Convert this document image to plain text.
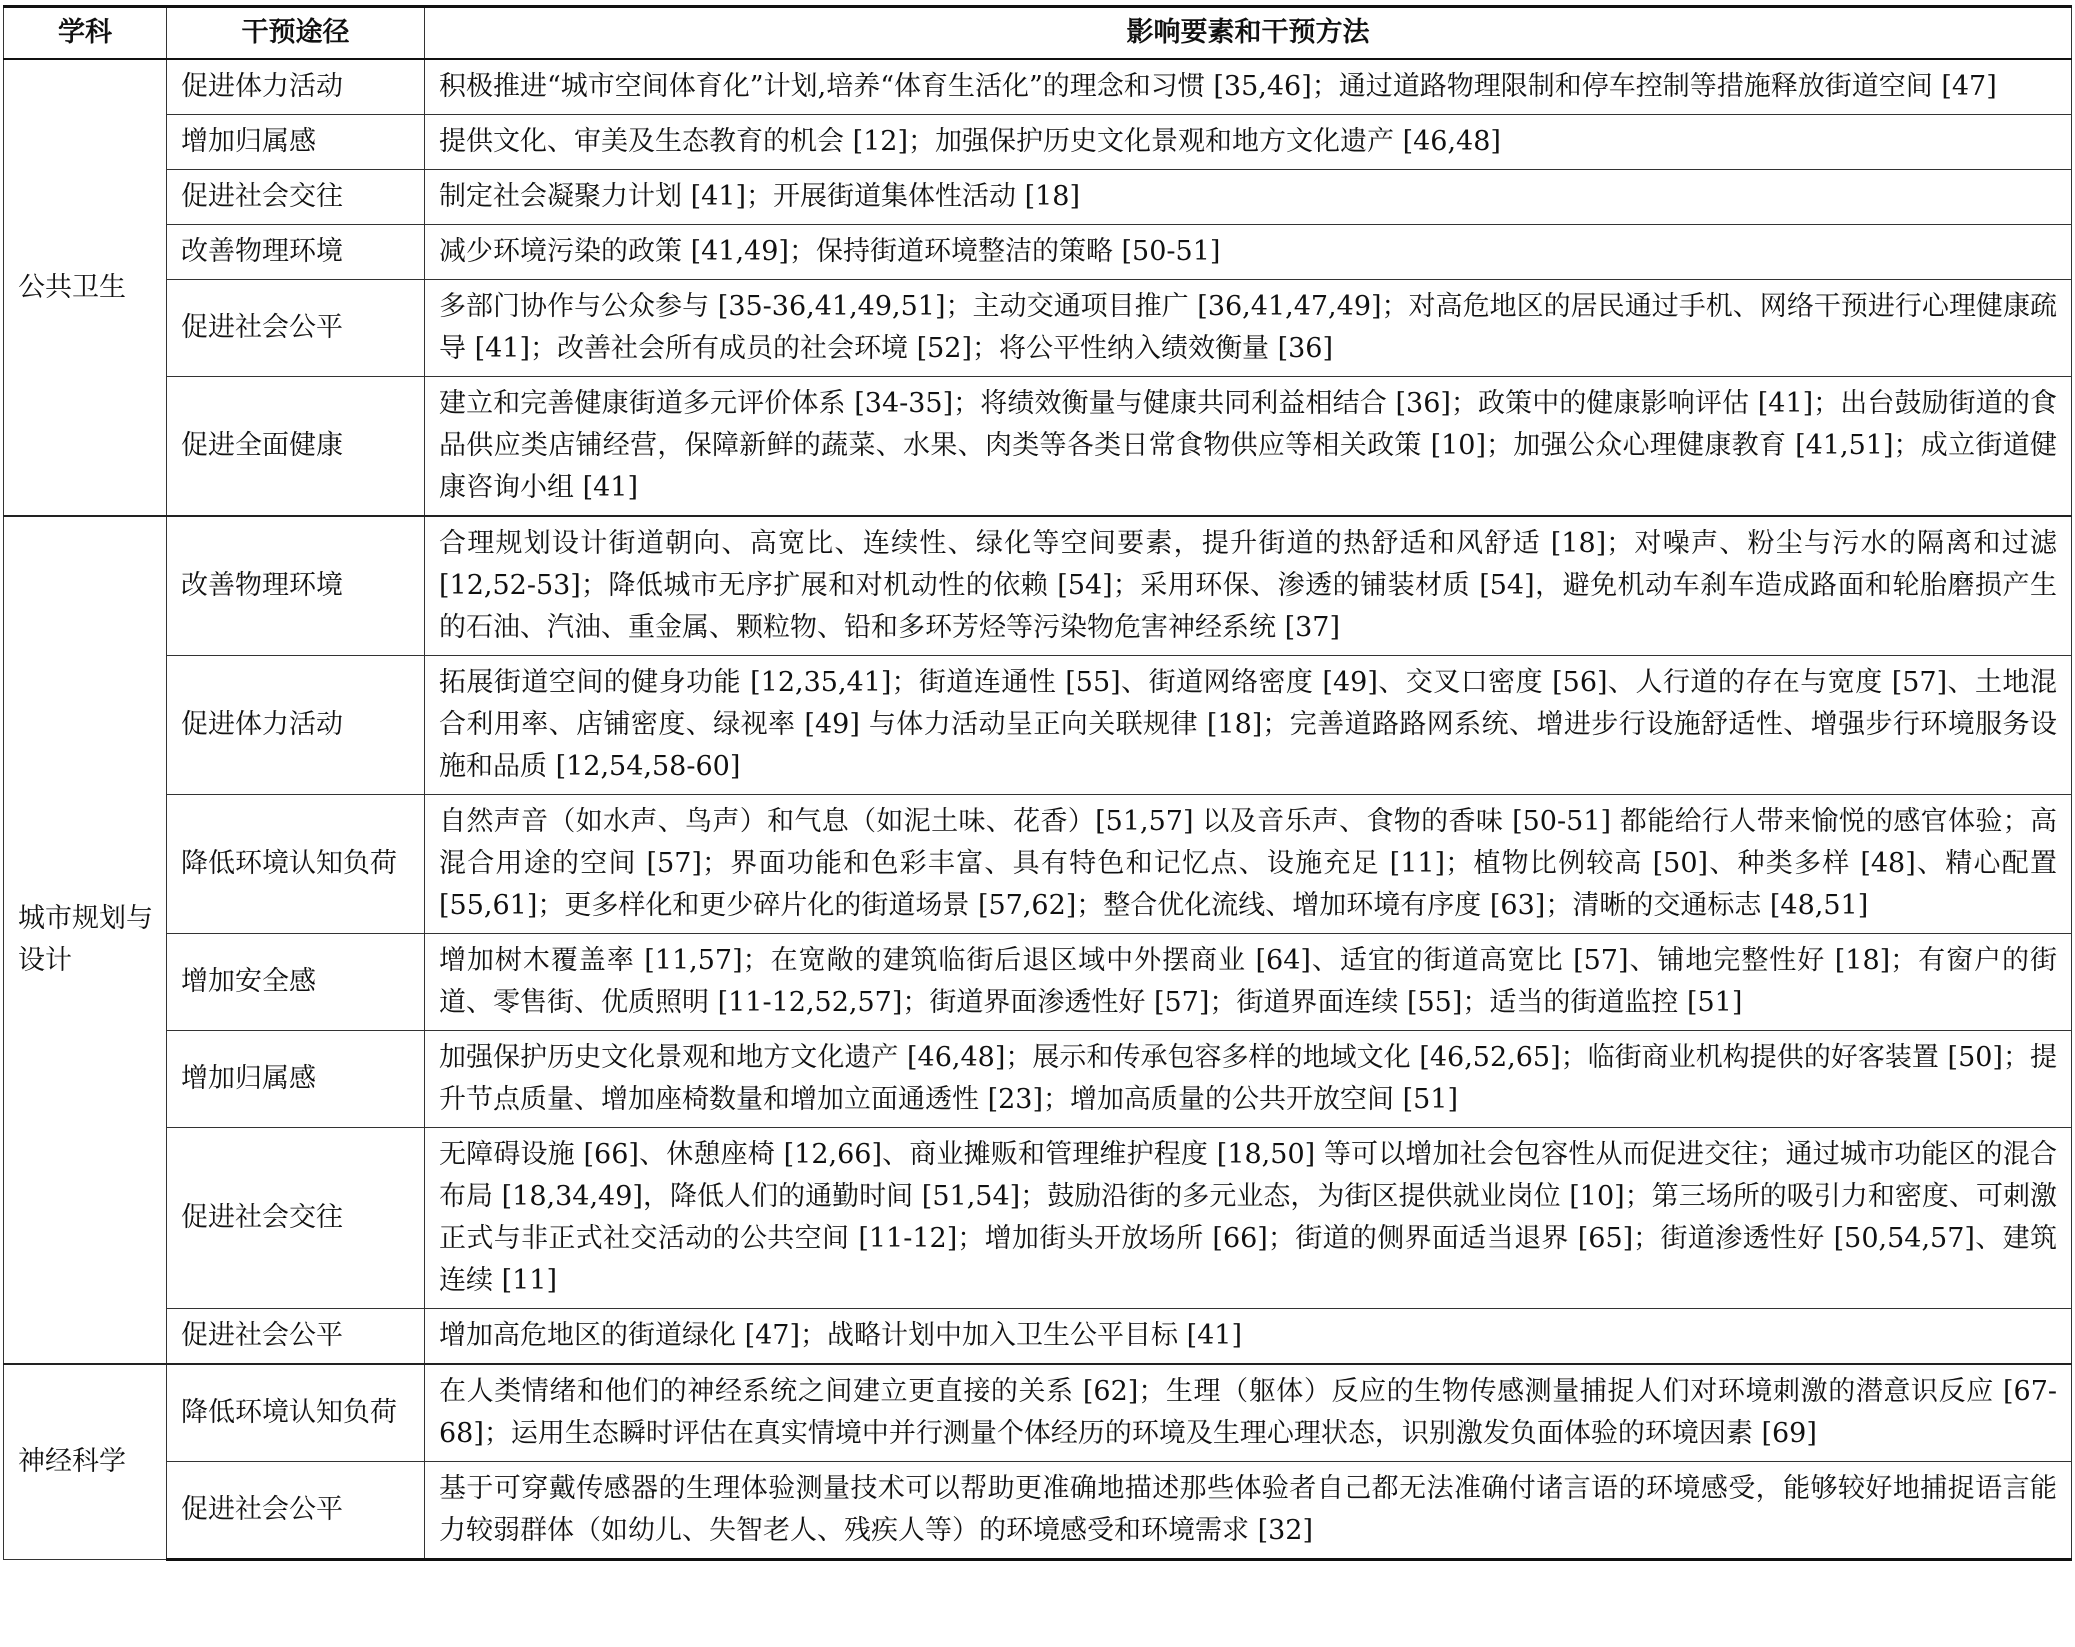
学科	干预途径	影响要素和干预方法
公共卫生	促进体力活动	积极推进“城市空间体育化”计划,培养“体育生活化”的理念和习惯 [35,46]；通过道路物理限制和停车控制等措施释放街道空间 [47]
	增加归属感	提供文化、审美及生态教育的机会 [12]；加强保护历史文化景观和地方文化遗产 [46,48]
	促进社会交往	制定社会凝聚力计划 [41]；开展街道集体性活动 [18]
	改善物理环境	减少环境污染的政策 [41,49]；保持街道环境整洁的策略 [50-51]
	促进社会公平	多部门协作与公众参与 [35-36,41,49,51]；主动交通项目推广 [36,41,47,49]；对高危地区的居民通过手机、网络干预进行心理健康疏导 [41]；改善社会所有成员的社会环境 [52]；将公平性纳入绩效衡量 [36]
	促进全面健康	建立和完善健康街道多元评价体系 [34-35]；将绩效衡量与健康共同利益相结合 [36]；政策中的健康影响评估 [41]；出台鼓励街道的食品供应类店铺经营，保障新鲜的蔬菜、水果、肉类等各类日常食物供应等相关政策 [10]；加强公众心理健康教育 [41,51]；成立街道健康咨询小组 [41]
城市规划与设计	改善物理环境	合理规划设计街道朝向、高宽比、连续性、绿化等空间要素，提升街道的热舒适和风舒适 [18]；对噪声、粉尘与污水的隔离和过滤 [12,52-53]；降低城市无序扩展和对机动性的依赖 [54]；采用环保、渗透的铺装材质 [54]，避免机动车刹车造成路面和轮胎磨损产生的石油、汽油、重金属、颗粒物、铅和多环芳烃等污染物危害神经系统 [37]
	促进体力活动	拓展街道空间的健身功能 [12,35,41]；街道连通性 [55]、街道网络密度 [49]、交叉口密度 [56]、人行道的存在与宽度 [57]、土地混合利用率、店铺密度、绿视率 [49] 与体力活动呈正向关联规律 [18]；完善道路路网系统、增进步行设施舒适性、增强步行环境服务设施和品质 [12,54,58-60]
	降低环境认知负荷	自然声音（如水声、鸟声）和气息（如泥土味、花香）[51,57] 以及音乐声、食物的香味 [50-51] 都能给行人带来愉悦的感官体验；高混合用途的空间 [57]；界面功能和色彩丰富、具有特色和记忆点、设施充足 [11]；植物比例较高 [50]、种类多样 [48]、精心配置 [55,61]；更多样化和更少碎片化的街道场景 [57,62]；整合优化流线、增加环境有序度 [63]；清晰的交通标志 [48,51]
	增加安全感	增加树木覆盖率 [11,57]；在宽敞的建筑临街后退区域中外摆商业 [64]、适宜的街道高宽比 [57]、铺地完整性好 [18]；有窗户的街道、零售街、优质照明 [11-12,52,57]；街道界面渗透性好 [57]；街道界面连续 [55]；适当的街道监控 [51]
	增加归属感	加强保护历史文化景观和地方文化遗产 [46,48]；展示和传承包容多样的地域文化 [46,52,65]；临街商业机构提供的好客装置 [50]；提升节点质量、增加座椅数量和增加立面通透性 [23]；增加高质量的公共开放空间 [51]
	促进社会交往	无障碍设施 [66]、休憩座椅 [12,66]、商业摊贩和管理维护程度 [18,50] 等可以增加社会包容性从而促进交往；通过城市功能区的混合布局 [18,34,49]，降低人们的通勤时间 [51,54]；鼓励沿街的多元业态，为街区提供就业岗位 [10]；第三场所的吸引力和密度、可刺激正式与非正式社交活动的公共空间 [11-12]；增加街头开放场所 [66]；街道的侧界面适当退界 [65]；街道渗透性好 [50,54,57]、建筑连续 [11]
	促进社会公平	增加高危地区的街道绿化 [47]；战略计划中加入卫生公平目标 [41]
神经科学	降低环境认知负荷	在人类情绪和他们的神经系统之间建立更直接的关系 [62]；生理（躯体）反应的生物传感测量捕捉人们对环境刺激的潜意识反应 [67-68]；运用生态瞬时评估在真实情境中并行测量个体经历的环境及生理心理状态，识别激发负面体验的环境因素 [69]
	促进社会公平	基于可穿戴传感器的生理体验测量技术可以帮助更准确地描述那些体验者自己都无法准确付诸言语的环境感受，能够较好地捕捉语言能力较弱群体（如幼儿、失智老人、残疾人等）的环境感受和环境需求 [32]
